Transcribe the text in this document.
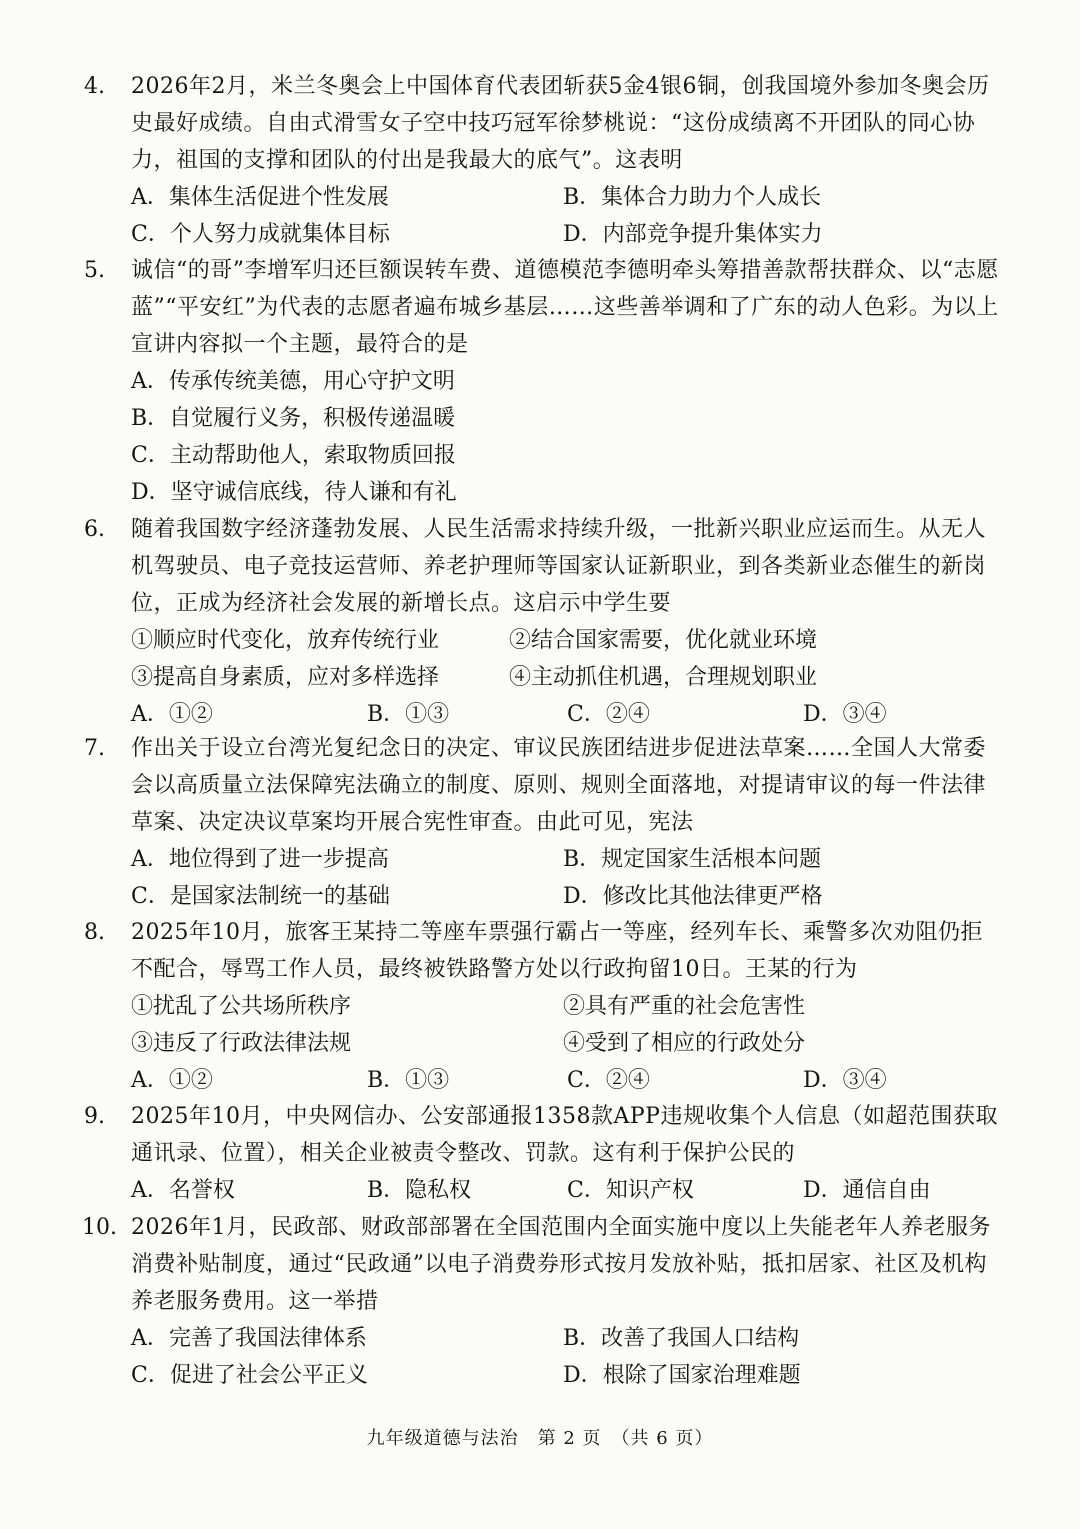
4. 2026年2月，米兰冬奥会上中国体育代表团斩获5金4银6铜，创我国境外参加冬奥会历史最好成绩。自由式滑雪女子空中技巧冠军徐梦桃说：“这份成绩离不开团队的同心协力，祖国的支撑和团队的付出是我最大的底气”。这表明
A．集体生活促进个性发展	B．集体合力助力个人成长
C．个人努力成就集体目标	D．内部竞争提升集体实力
5. 诚信“的哥”李增军归还巨额误转车费、道德模范李德明牵头筹措善款帮扶群众、以“志愿蓝”“平安红”为代表的志愿者遍布城乡基层……这些善举调和了广东的动人色彩。为以上宣讲内容拟一个主题，最符合的是
A．传承传统美德，用心守护文明
B．自觉履行义务，积极传递温暖
C．主动帮助他人，索取物质回报
D．坚守诚信底线，待人谦和有礼
6. 随着我国数字经济蓬勃发展、人民生活需求持续升级，一批新兴职业应运而生。从无人机驾驶员、电子竞技运营师、养老护理师等国家认证新职业，到各类新业态催生的新岗位，正成为经济社会发展的新增长点。这启示中学生要
①顺应时代变化，放弃传统行业	②结合国家需要，优化就业环境
③提高自身素质，应对多样选择	④主动抓住机遇，合理规划职业
A．①②	B．①③	C．②④	D．③④
7. 作出关于设立台湾光复纪念日的决定、审议民族团结进步促进法草案……全国人大常委会以高质量立法保障宪法确立的制度、原则、规则全面落地，对提请审议的每一件法律草案、决定决议草案均开展合宪性审查。由此可见，宪法
A．地位得到了进一步提高	B．规定国家生活根本问题
C．是国家法制统一的基础	D．修改比其他法律更严格
8. 2025年10月，旅客王某持二等座车票强行霸占一等座，经列车长、乘警多次劝阻仍拒不配合，辱骂工作人员，最终被铁路警方处以行政拘留10日。王某的行为
①扰乱了公共场所秩序	②具有严重的社会危害性
③违反了行政法律法规	④受到了相应的行政处分
A．①②	B．①③	C．②④	D．③④
9. 2025年10月，中央网信办、公安部通报1358款APP违规收集个人信息（如超范围获取通讯录、位置），相关企业被责令整改、罚款。这有利于保护公民的
A．名誉权	B．隐私权	C．知识产权	D．通信自由
10. 2026年1月，民政部、财政部部署在全国范围内全面实施中度以上失能老年人养老服务消费补贴制度，通过“民政通”以电子消费券形式按月发放补贴，抵扣居家、社区及机构养老服务费用。这一举措
A．完善了我国法律体系	B．改善了我国人口结构
C．促进了社会公平正义	D．根除了国家治理难题
九年级道德与法治　第 2 页　（共 6 页）
